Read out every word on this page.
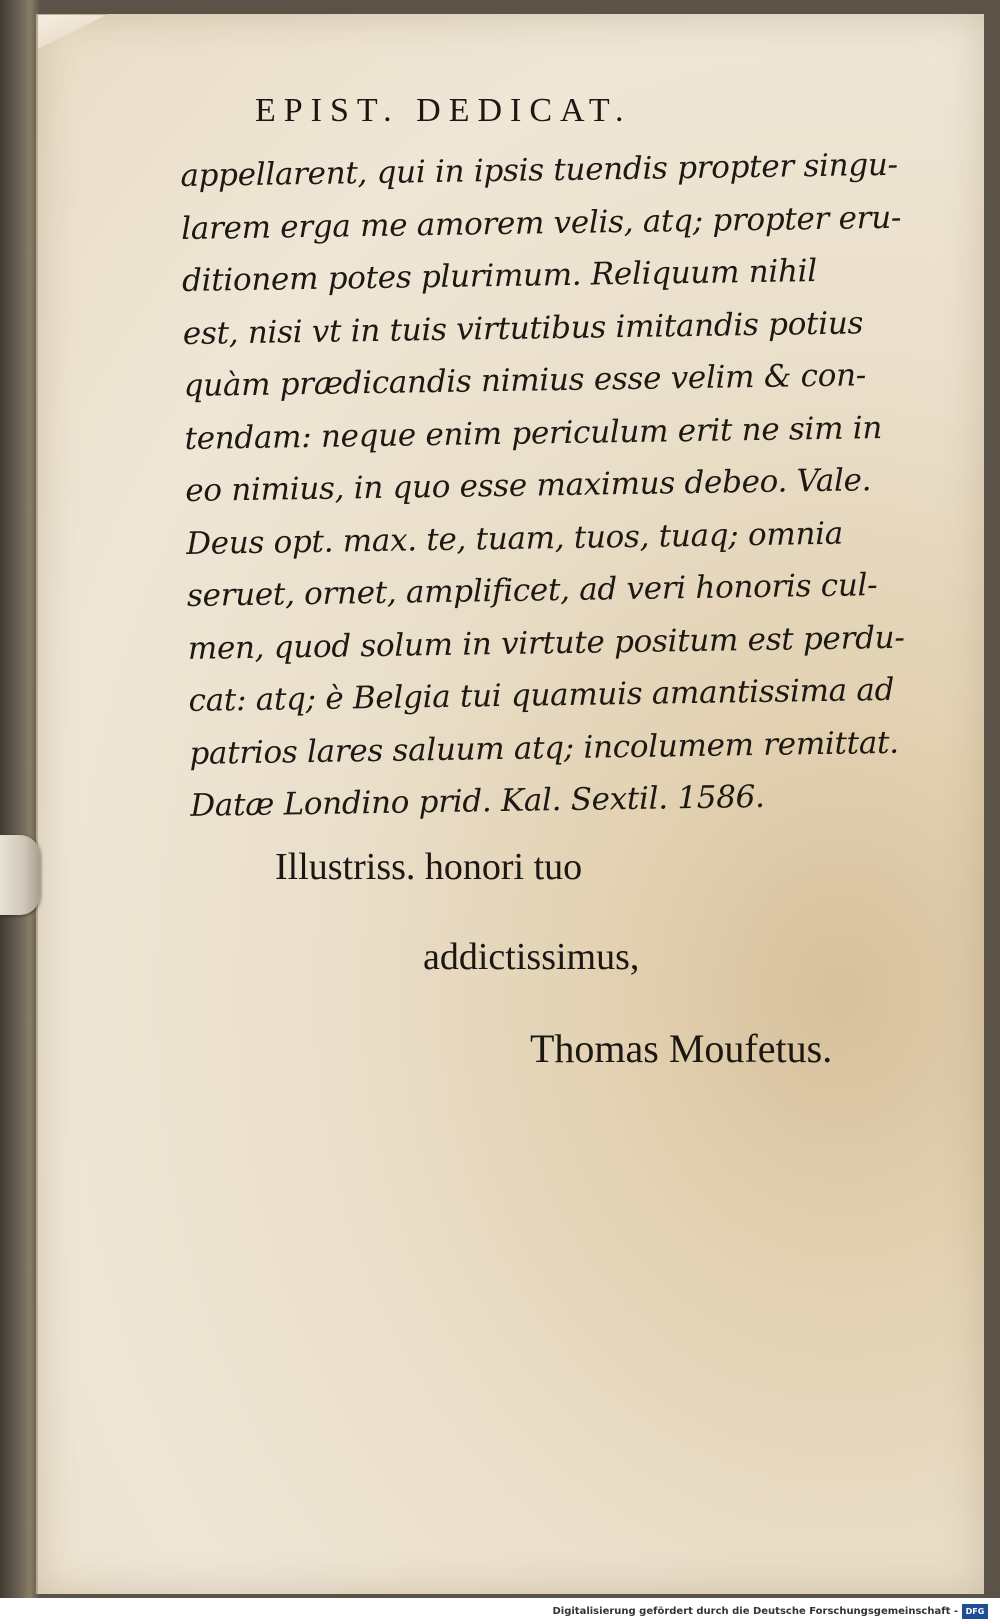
EPIST. DEDICAT.
appellarent, qui in ipsis tuendis propter singu-
larem erga me amorem velis, atq; propter eru-
ditionem potes plurimum. Reliquum nihil
est, nisi vt in tuis virtutibus imitandis potius
quàm prædicandis nimius esse velim & con-
tendam: neque enim periculum erit ne sim in
eo nimius, in quo esse maximus debeo. Vale.
Deus opt. max. te, tuam, tuos, tuaq; omnia
seruet, ornet, amplificet, ad veri honoris cul-
men, quod solum in virtute positum est perdu-
cat: atq; è Belgia tui quamuis amantissima ad
patrios lares saluum atq; incolumem remittat.
Datæ Londino prid. Kal. Sextil. 1586.
Illustriss. honori tuo
addictissimus,
Thomas Moufetus.
Digitalisierung gefördert durch die Deutsche Forschungsgemeinschaft - DFG
